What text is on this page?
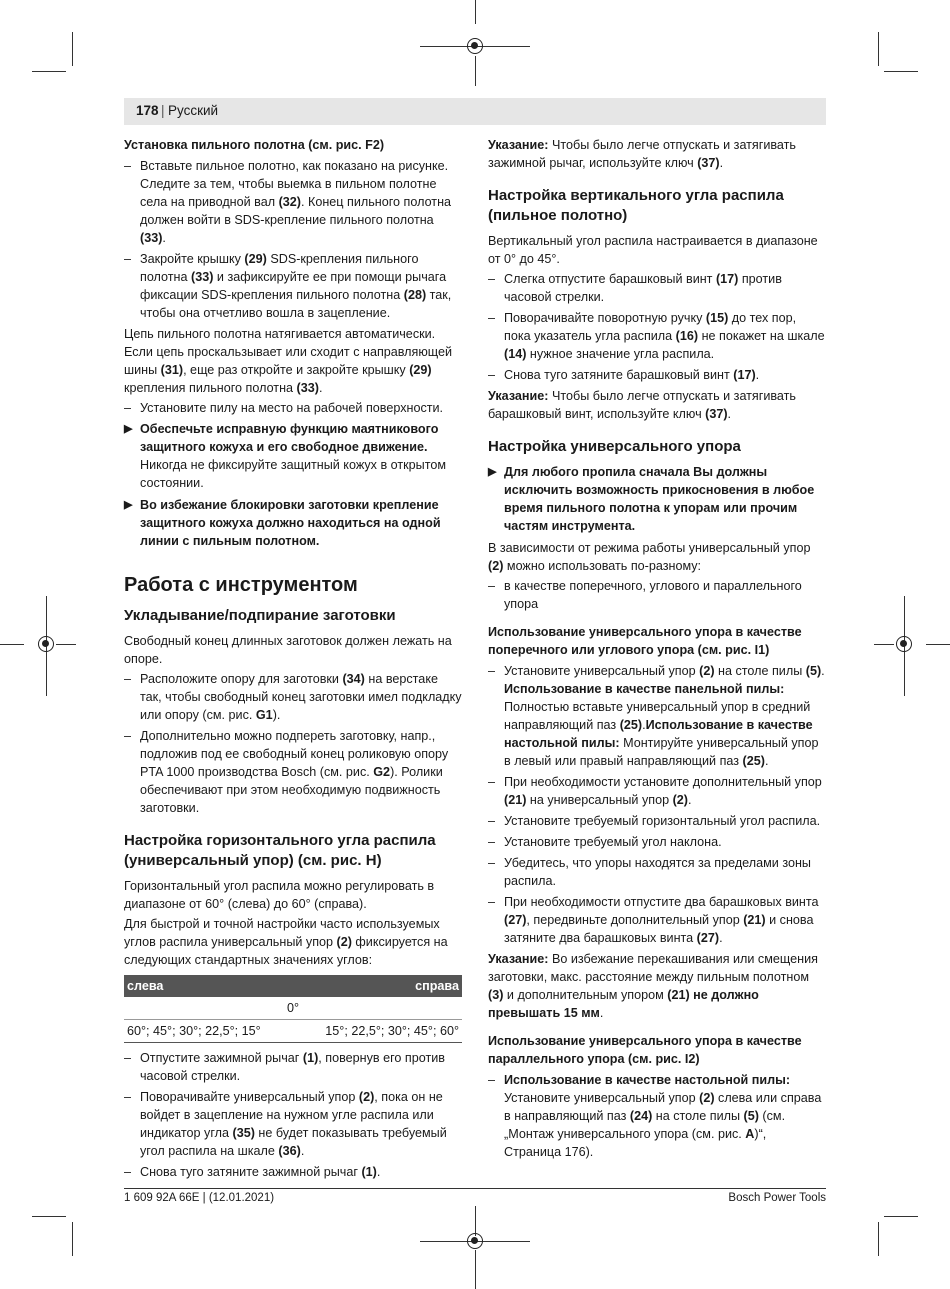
178 | Русский

Установка пильного полотна (см. рис. F2)

– Вставьте пильное полотно, как показано на рисунке. Следите за тем, чтобы выемка в пильном полотне села на приводной вал (32). Конец пильного полотна должен войти в SDS-крепление пильного полотна (33).
– Закройте крышку (29) SDS-крепления пильного полотна (33) и зафиксируйте ее при помощи рычага фиксации SDS-крепления пильного полотна (28) так, чтобы она отчетливо вошла в зацепление.

Цепь пильного полотна натягивается автоматически. Если цепь проскальзывает или сходит с направляющей шины (31), еще раз откройте и закройте крышку (29) крепления пильного полотна (33).

– Установите пилу на место на рабочей поверхности.
▶ Обеспечьте исправную функцию маятникового защитного кожуха и его свободное движение. Никогда не фиксируйте защитный кожух в открытом состоянии.
▶ Во избежание блокировки заготовки крепление защитного кожуха должно находиться на одной линии с пильным полотном.
Работа с инструментом
Укладывание/подпирание заготовки

Свободный конец длинных заготовок должен лежать на опоре.

– Расположите опору для заготовки (34) на верстаке так, чтобы свободный конец заготовки имел подкладку или опору (см. рис. G1).
– Дополнительно можно подпереть заготовку, напр., подложив под ее свободный конец роликовую опору PTA 1000 производства Bosch (см. рис. G2). Ролики обеспечивают при этом необходимую подвижность заготовки.
Настройка горизонтального угла распила (универсальный упор) (см. рис. H)

Горизонтальный угол распила можно регулировать в диапазоне от 60° (слева) до 60° (справа).

Для быстрой и точной настройки часто используемых углов распила универсальный упор (2) фиксируется на следующих стандартных значениях углов:

слева	справа
0°	
60°; 45°; 30°; 22,5°; 15°	15°; 22,5°; 30°; 45°; 60°
– Отпустите зажимной рычаг (1), повернув его против часовой стрелки.
– Поворачивайте универсальный упор (2), пока он не войдет в зацепление на нужном угле распила или индикатор угла (35) не будет показывать требуемый угол распила на шкале (36).
– Снова туго затяните зажимной рычаг (1).

Указание: Чтобы было легче отпускать и затягивать зажимной рычаг, используйте ключ (37).

Настройка вертикального угла распила (пильное полотно)

Вертикальный угол распила настраивается в диапазоне от 0° до 45°.

– Слегка отпустите барашковый винт (17) против часовой стрелки.
– Поворачивайте поворотную ручку (15) до тех пор, пока указатель угла распила (16) не покажет на шкале (14) нужное значение угла распила.
– Снова туго затяните барашковый винт (17).

Указание: Чтобы было легче отпускать и затягивать барашковый винт, используйте ключ (37).

Настройка универсального упора
▶ Для любого пропила сначала Вы должны исключить возможность прикосновения в любое время пильного полотна к упорам или прочим частям инструмента.

В зависимости от режима работы универсальный упор (2) можно использовать по-разному:

– в качестве поперечного, углового и параллельного упора

Использование универсального упора в качестве поперечного или углового упора (см. рис. I1)

– Установите универсальный упор (2) на столе пилы (5). Использование в качестве панельной пилы: Полностью вставьте универсальный упор в средний направляющий паз (25).Использование в качестве настольной пилы: Монтируйте универсальный упор в левый или правый направляющий паз (25).
– При необходимости установите дополнительный упор (21) на универсальный упор (2).
– Установите требуемый горизонтальный угол распила.
– Установите требуемый угол наклона.
– Убедитесь, что упоры находятся за пределами зоны распила.
– При необходимости отпустите два барашковых винта (27), передвиньте дополнительный упор (21) и снова затяните два барашковых винта (27).

Указание: Во избежание перекашивания или смещения заготовки, макс. расстояние между пильным полотном (3) и дополнительным упором (21) не должно превышать 15 мм.

Использование универсального упора в качестве параллельного упора (см. рис. I2)

– Использование в качестве настольной пилы: Установите универсальный упор (2) слева или справа в направляющий паз (24) на столе пилы (5) (см. „Монтаж универсального упора (см. рис. A)“, Страница 176).
1 609 92A 66E | (12.01.2021)	Bosch Power Tools
